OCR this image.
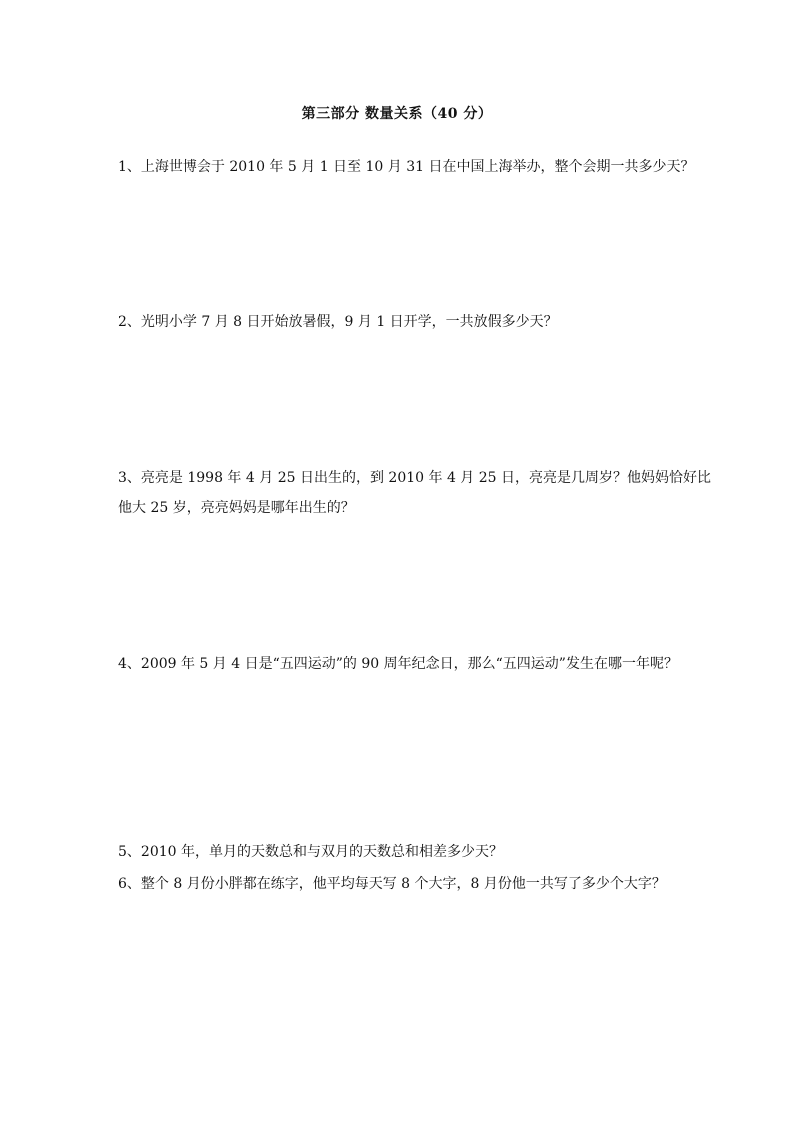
第三部分 数量关系（40 分）
1、上海世博会于 2010 年 5 月 1 日至 10 月 31 日在中国上海举办，整个会期一共多少天？
2、光明小学 7 月 8 日开始放暑假，9 月 1 日开学，一共放假多少天？
3、亮亮是 1998 年 4 月 25 日出生的，到 2010 年 4 月 25 日，亮亮是几周岁？他妈妈恰好比
他大 25 岁，亮亮妈妈是哪年出生的？
4、2009 年 5 月 4 日是“五四运动”的 90 周年纪念日，那么“五四运动”发生在哪一年呢？
5、2010 年，单月的天数总和与双月的天数总和相差多少天？
6、整个 8 月份小胖都在练字，他平均每天写 8 个大字，8 月份他一共写了多少个大字？
